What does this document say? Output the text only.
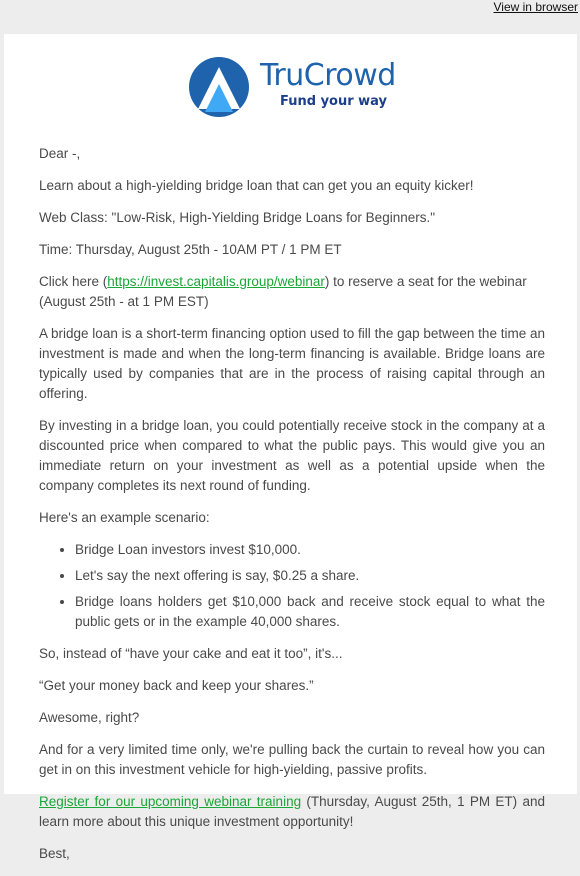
View in browser
TruCrowd
Fund your way

Dear -,

Learn about a high-yielding bridge loan that can get you an equity kicker!

Web Class: "Low-Risk, High-Yielding Bridge Loans for Beginners."

Time: Thursday, August 25th - 10AM PT / 1 PM ET

Click here (https://invest.capitalis.group/webinar) to reserve a seat for the webinar (August 25th - at 1 PM EST)

A bridge loan is a short-term financing option used to fill the gap between the time an investment is made and when the long-term financing is available. Bridge loans are typically used by companies that are in the process of raising capital through an offering.

By investing in a bridge loan, you could potentially receive stock in the company at a discounted price when compared to what the public pays. This would give you an immediate return on your investment as well as a potential upside when the company completes its next round of funding.

Here's an example scenario:

• Bridge Loan investors invest $10,000.
• Let's say the next offering is say, $0.25 a share.
• Bridge loans holders get $10,000 back and receive stock equal to what the public gets or in the example 40,000 shares.

So, instead of “have your cake and eat it too”, it's...

“Get your money back and keep your shares.”

Awesome, right?

And for a very limited time only, we're pulling back the curtain to reveal how you can get in on this investment vehicle for high-yielding, passive profits.

Register for our upcoming webinar training (Thursday, August 25th, 1 PM ET) and learn more about this unique investment opportunity!

Best,
